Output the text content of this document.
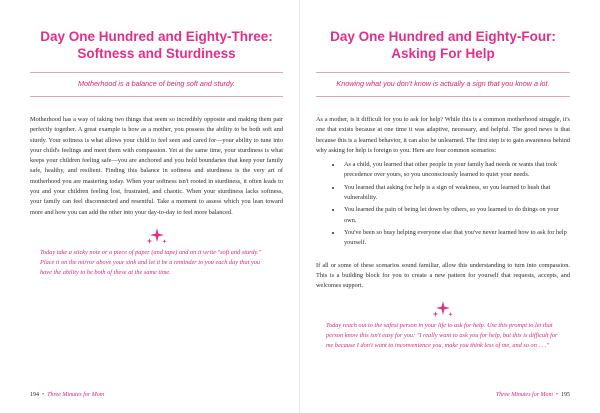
Day One Hundred and Eighty-Three:
Softness and Sturdiness
Motherhood is a balance of being soft and sturdy.

Motherhood has a way of taking two things that seem so incredibly opposite and making them pair perfectly together. A great example is how as a mother, you possess the ability to be both soft and sturdy. Your softness is what allows your child to feel seen and cared for—your ability to tune into your child's feelings and meet them with compassion. Yet at the same time, your sturdiness is what keeps your children feeling safe—you are anchored and you hold boundaries that keep your family safe, healthy, and resilient. Finding this balance in softness and sturdiness is the very art of motherhood you are mastering today. When your softness isn't rooted in sturdiness, it often leads to you and your children feeling lost, frustrated, and chaotic. When your sturdiness lacks softness, your family can feel disconnected and resentful. Take a moment to assess which you lean toward more and how you can add the other into your day-to-day to feel more balanced.

Today take a sticky note or a piece of paper (and tape) and on it write "soft and sturdy." Place it on the mirror above your sink and let it be a reminder to you each day that you have the ability to be both of these at the same time.

194 • Three Minutes for Mom
Day One Hundred and Eighty-Four:
Asking For Help
Knowing what you don't know is actually a sign that you know a lot.

As a mother, is it difficult for you to ask for help? While this is a common motherhood struggle, it's one that exists because at one time it was adaptive, necessary, and helpful. The good news is that because this is a learned behavior, it can also be unlearned. The first step is to gain awareness behind why asking for help is foreign to you. Here are four common scenarios:

• As a child, you learned that other people in your family had needs or wants that took precedence over yours, so you unconsciously learned to quiet your needs.
• You learned that asking for help is a sign of weakness, so you learned to hush that vulnerability.
• You learned the pain of being let down by others, so you learned to do things on your own.
• You've been so busy helping everyone else that you've never learned how to ask for help yourself.

If all or some of these scenarios sound familiar, allow this understanding to turn into compassion. This is a building block for you to create a new pattern for yourself that requests, accepts, and welcomes support.

Today reach out to the safest person in your life to ask for help. Use this prompt to let that person know this isn't easy for you: "I really want to ask you for help, but this is difficult for me because I don't want to inconvenience you, make you think less of me, and so on . . ."

Three Minutes for Mom • 195
